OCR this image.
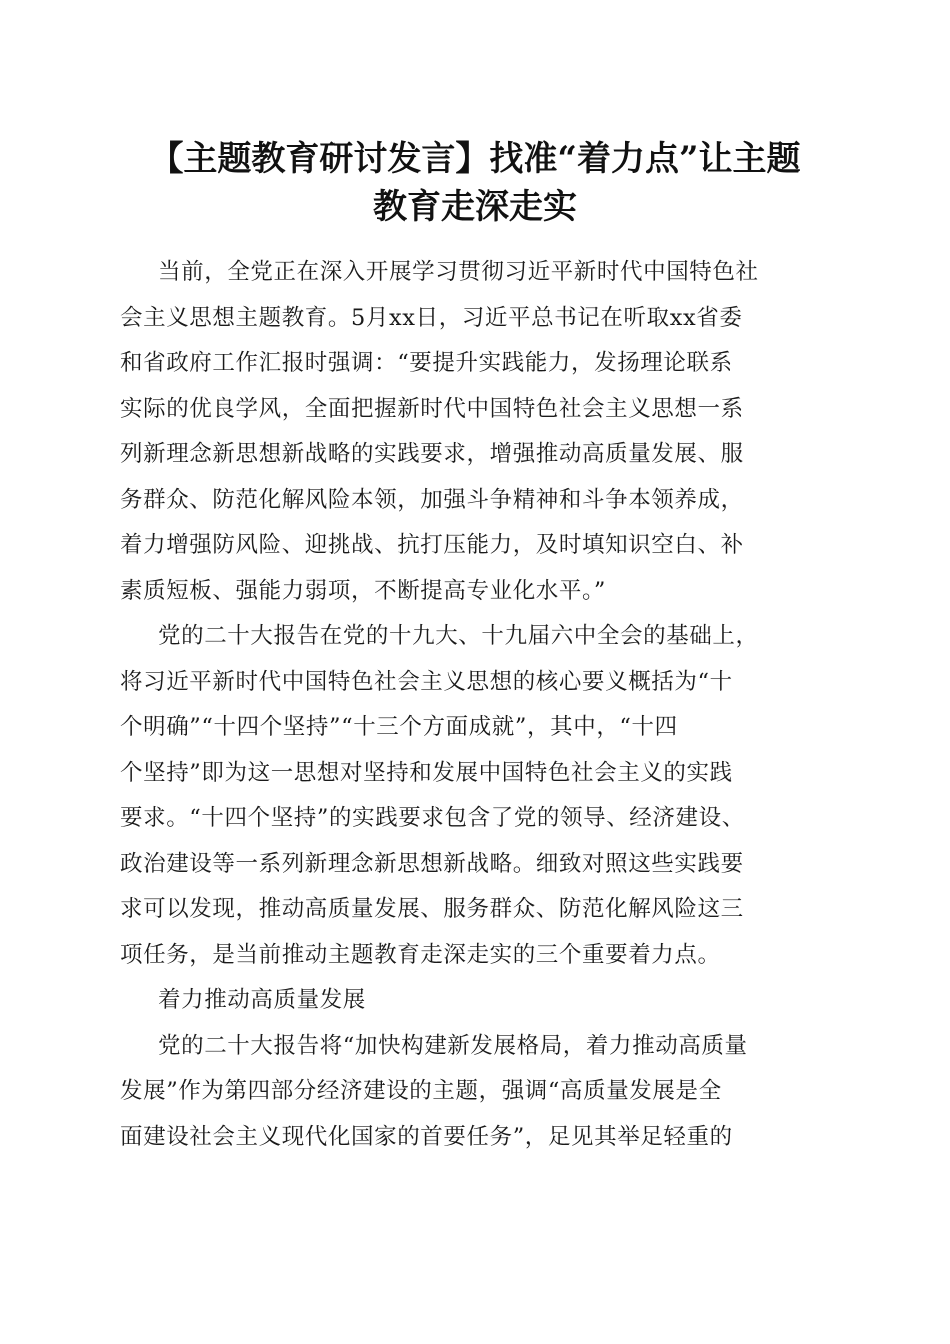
【主题教育研讨发言】找准“着力点”让主题
教育走深走实

当前，全党正在深入开展学习贯彻习近平新时代中国特色社
会主义思想主题教育。5月xx日，习近平总书记在听取xx省委
和省政府工作汇报时强调：“要提升实践能力，发扬理论联系
实际的优良学风，全面把握新时代中国特色社会主义思想一系
列新理念新思想新战略的实践要求，增强推动高质量发展、服
务群众、防范化解风险本领，加强斗争精神和斗争本领养成，
着力增强防风险、迎挑战、抗打压能力，及时填知识空白、补
素质短板、强能力弱项，不断提高专业化水平。”

党的二十大报告在党的十九大、十九届六中全会的基础上，
将习近平新时代中国特色社会主义思想的核心要义概括为“十
个明确”“十四个坚持”“十三个方面成就”，其中，“十四
个坚持”即为这一思想对坚持和发展中国特色社会主义的实践
要求。“十四个坚持”的实践要求包含了党的领导、经济建设、
政治建设等一系列新理念新思想新战略。细致对照这些实践要
求可以发现，推动高质量发展、服务群众、防范化解风险这三
项任务，是当前推动主题教育走深走实的三个重要着力点。

着力推动高质量发展

党的二十大报告将“加快构建新发展格局，着力推动高质量
发展”作为第四部分经济建设的主题，强调“高质量发展是全
面建设社会主义现代化国家的首要任务”，足见其举足轻重的
